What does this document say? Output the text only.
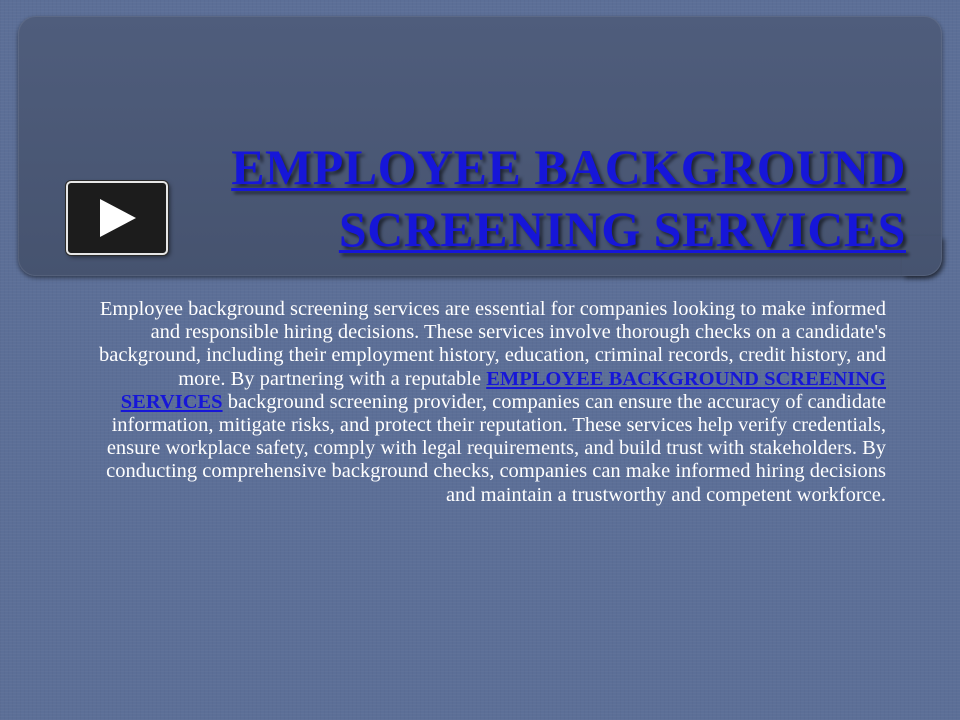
EMPLOYEE BACKGROUND
SCREENING SERVICES

Employee background screening services are essential for companies looking to make informed and responsible hiring decisions. These services involve thorough checks on a candidate's background, including their employment history, education, criminal records, credit history, and more. By partnering with a reputable EMPLOYEE BACKGROUND SCREENING SERVICES background screening provider, companies can ensure the accuracy of candidate information, mitigate risks, and protect their reputation. These services help verify credentials, ensure workplace safety, comply with legal requirements, and build trust with stakeholders. By conducting comprehensive background checks, companies can make informed hiring decisions and maintain a trustworthy and competent workforce.
